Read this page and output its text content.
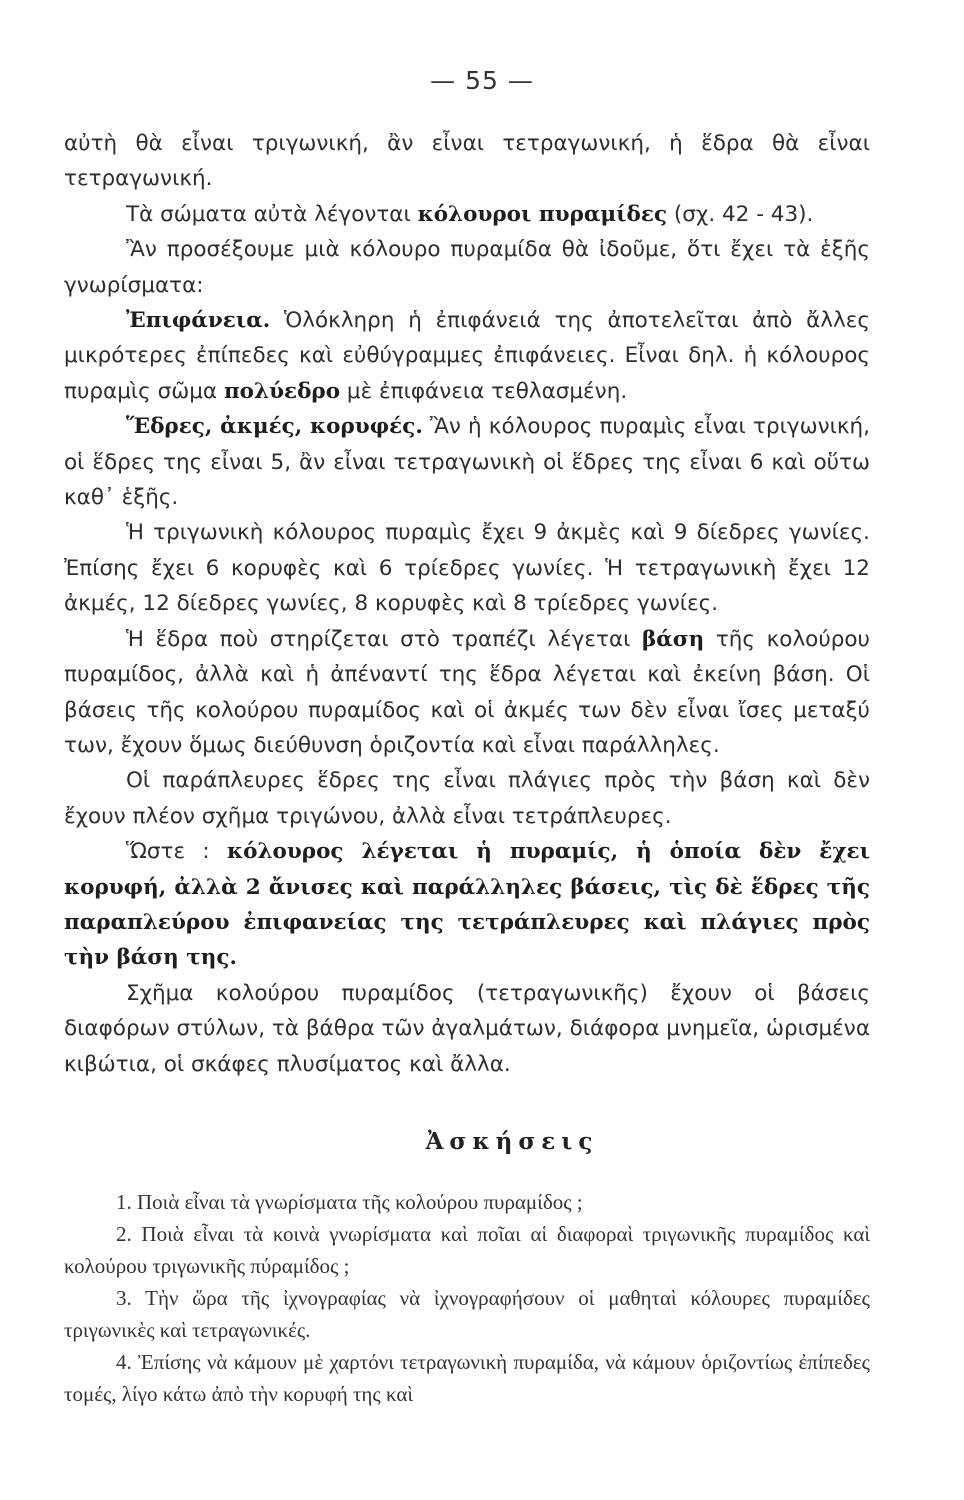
— 55 —

αὐτὴ θὰ εἶναι τριγωνική, ἂν εἶναι τετραγωνική, ἡ ἕδρα θὰ εἶναι τετραγωνική.

Τὰ σώματα αὐτὰ λέγονται κόλουροι πυραμίδες (σχ. 42 - 43).

Ἂν προσέξουμε μιὰ κόλουρο πυραμίδα θὰ ἰδοῦμε, ὅτι ἔχει τὰ ἑξῆς γνωρίσματα:

Ἐπιφάνεια. Ὁλόκληρη ἡ ἐπιφάνειά της ἀποτελεῖται ἀπὸ ἄλλες μικρότερες ἐπίπεδες καὶ εὐθύγραμμες ἐπιφάνειες. Εἶναι δηλ. ἡ κόλουρος πυραμὶς σῶμα πολύεδρο μὲ ἐπιφάνεια τεθλασμένη.

Ἕδρες, ἀκμές, κορυφές. Ἂν ἡ κόλουρος πυραμὶς εἶναι τριγωνική, οἱ ἕδρες της εἶναι 5, ἂν εἶναι τετραγωνικὴ οἱ ἕδρες της εἶναι 6 καὶ οὕτω καθ᾽ ἑξῆς.

Ἡ τριγωνικὴ κόλουρος πυραμὶς ἔχει 9 ἀκμὲς καὶ 9 δίεδρες γωνίες. Ἐπίσης ἔχει 6 κορυφὲς καὶ 6 τρίεδρες γωνίες. Ἡ τετραγωνικὴ ἔχει 12 ἀκμές, 12 δίεδρες γωνίες, 8 κορυφὲς καὶ 8 τρίεδρες γωνίες.

Ἡ ἕδρα ποὺ στηρίζεται στὸ τραπέζι λέγεται βάση τῆς κολούρου πυραμίδος, ἀλλὰ καὶ ἡ ἀπέναντί της ἕδρα λέγεται καὶ ἐκείνη βάση. Οἱ βάσεις τῆς κολούρου πυραμίδος καὶ οἱ ἀκμές των δὲν εἶναι ἴσες μεταξύ των, ἔχουν ὅμως διεύθυνση ὁριζοντία καὶ εἶναι παράλληλες.

Οἱ παράπλευρες ἕδρες της εἶναι πλάγιες πρὸς τὴν βάση καὶ δὲν ἔχουν πλέον σχῆμα τριγώνου, ἀλλὰ εἶναι τετράπλευρες.

Ὥστε : κόλουρος λέγεται ἡ πυραμίς, ἡ ὁποία δὲν ἔχει κορυφή, ἀλλὰ 2 ἄνισες καὶ παράλληλες βάσεις, τὶς δὲ ἕδρες τῆς παραπλεύρου ἐπιφανείας της τετράπλευρες καὶ πλάγιες πρὸς τὴν βάση της.

Σχῆμα κολούρου πυραμίδος (τετραγωνικῆς) ἔχουν οἱ βάσεις διαφόρων στύλων, τὰ βάθρα τῶν ἀγαλμάτων, διάφορα μνημεῖα, ὡρισμένα κιβώτια, οἱ σκάφες πλυσίματος καὶ ἄλλα.

Ἀσκήσεις

1. Ποιὰ εἶναι τὰ γνωρίσματα τῆς κολούρου πυραμίδος ;

2. Ποιὰ εἶναι τὰ κοινὰ γνωρίσματα καὶ ποῖαι αἱ διαφοραὶ τριγωνικῆς πυραμίδος καὶ κολούρου τριγωνικῆς πύραμίδος ;

3. Τὴν ὥρα τῆς ἰχνογραφίας νὰ ἰχνογραφήσουν οἱ μαθηταὶ κόλουρες πυραμίδες τριγωνικὲς καὶ τετραγωνικές.

4. Ἐπίσης νὰ κάμουν μὲ χαρτόνι τετραγωνικὴ πυραμίδα, νὰ κάμουν ὁριζοντίως ἐπίπεδες τομές, λίγο κάτω ἀπὸ τὴν κορυφή της καὶ
